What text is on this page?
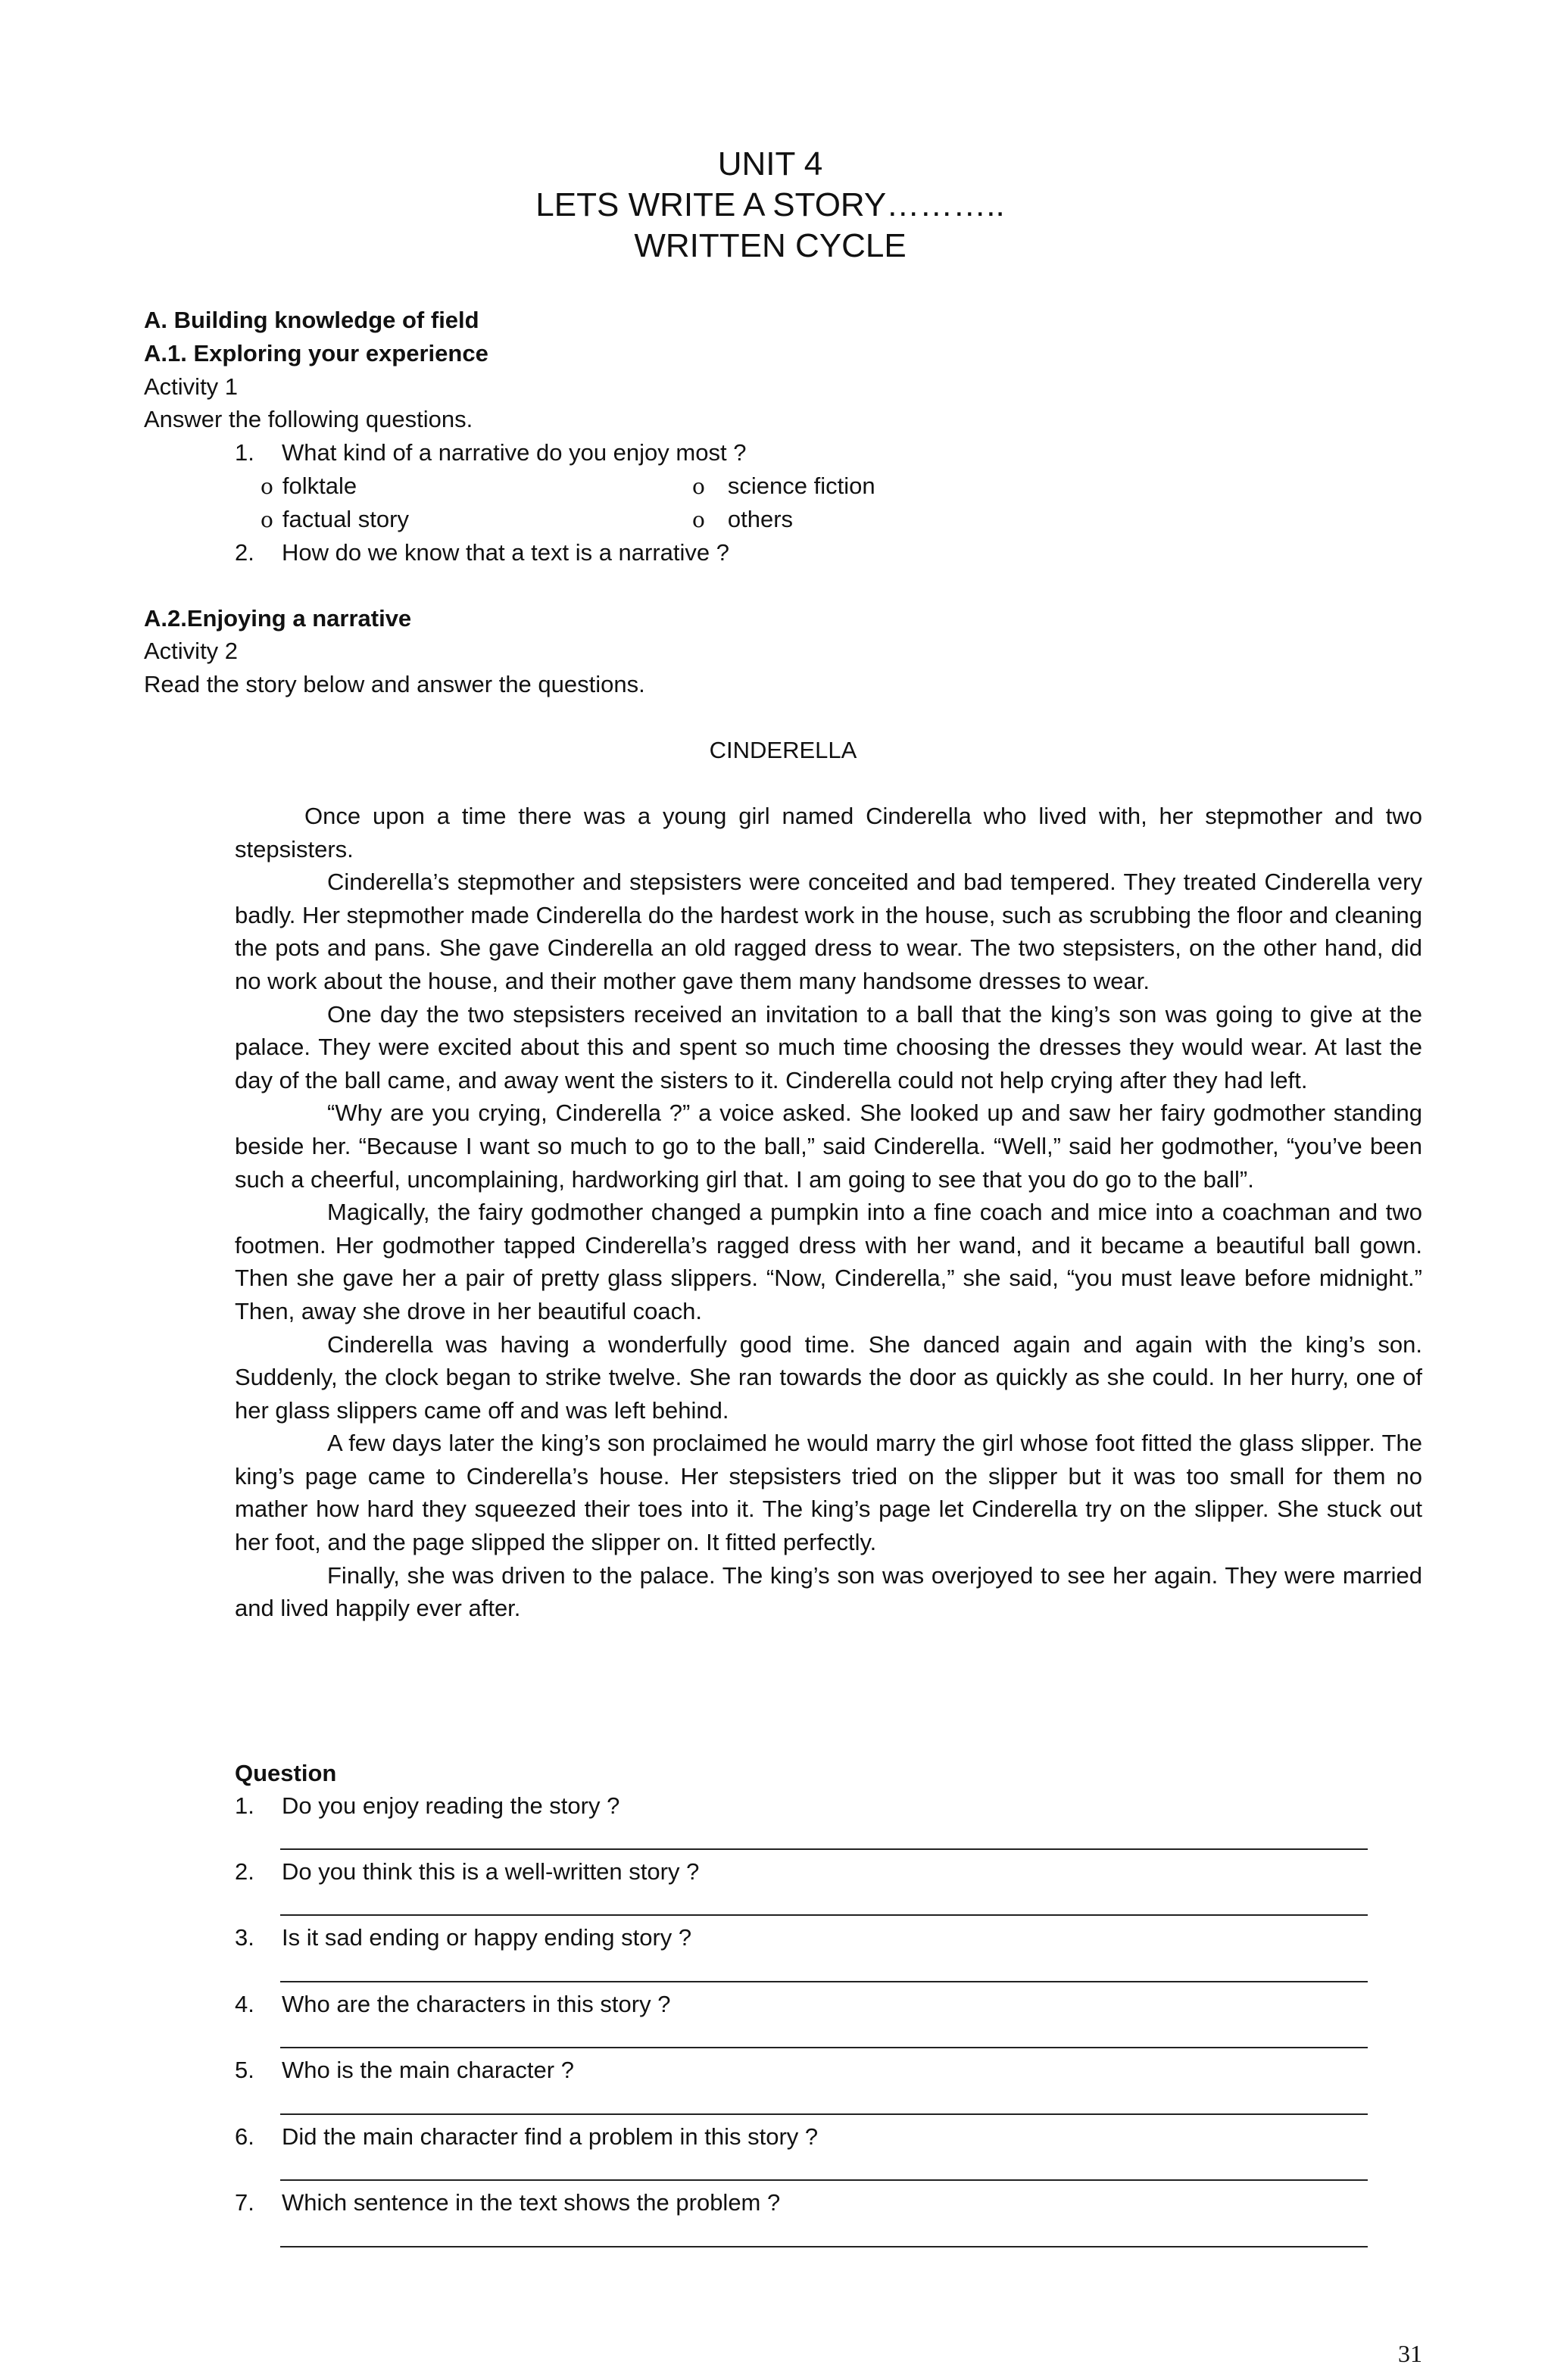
UNIT 4
LETS WRITE A STORY………..
WRITTEN CYCLE
A. Building knowledge of field
A.1. Exploring your experience
Activity 1
Answer the following questions.
1. What kind of a narrative do you enjoy most ?
o folktale	o science fiction
o factual story	o others
2. How do we know that a text is a narrative ?
A.2.Enjoying a narrative
Activity 2
Read the story below and answer the questions.
CINDERELLA

Once upon a time there was a young girl named Cinderella who lived with, her stepmother and two stepsisters.

Cinderella’s stepmother and stepsisters were conceited and bad tempered. They treated Cinderella very badly. Her stepmother made Cinderella do the hardest work in the house, such as scrubbing the floor and cleaning the pots and pans. She gave Cinderella an old ragged dress to wear. The two stepsisters, on the other hand, did no work about the house, and their mother gave them many handsome dresses to wear.

One day the two stepsisters received an invitation to a ball that the king’s son was going to give at the palace. They were excited about this and spent so much time choosing the dresses they would wear. At last the day of the ball came, and away went the sisters to it. Cinderella could not help crying after they had left.

“Why are you crying, Cinderella ?” a voice asked. She looked up and saw her fairy godmother standing beside her. “Because I want so much to go to the ball,” said Cinderella. “Well,” said her godmother, “you’ve been such a cheerful, uncomplaining, hardworking girl that. I am going to see that you do go to the ball”.

Magically, the fairy godmother changed a pumpkin into a fine coach and mice into a coachman and two footmen. Her godmother tapped Cinderella’s ragged dress with her wand, and it became a beautiful ball gown. Then she gave her a pair of pretty glass slippers. “Now, Cinderella,” she said, “you must leave before midnight.” Then, away she drove in her beautiful coach.

Cinderella was having a wonderfully good time. She danced again and again with the king’s son. Suddenly, the clock began to strike twelve. She ran towards the door as quickly as she could. In her hurry, one of her glass slippers came off and was left behind.

A few days later the king’s son proclaimed he would marry the girl whose foot fitted the glass slipper. The king’s page came to Cinderella’s house. Her stepsisters tried on the slipper but it was too small for them no mather how hard they squeezed their toes into it. The king’s page let Cinderella try on the slipper. She stuck out her foot, and the page slipped the slipper on. It fitted perfectly.

Finally, she was driven to the palace. The king’s son was overjoyed to see her again. They were married and lived happily ever after.

Question
1. Do you enjoy reading the story ?
2. Do you think this is a well-written story ?
3. Is it sad ending or happy ending story ?
4. Who are the characters in this story ?
5. Who is the main character ?
6. Did the main character find a problem in this story ?
7. Which sentence in the text shows the problem ?
31
